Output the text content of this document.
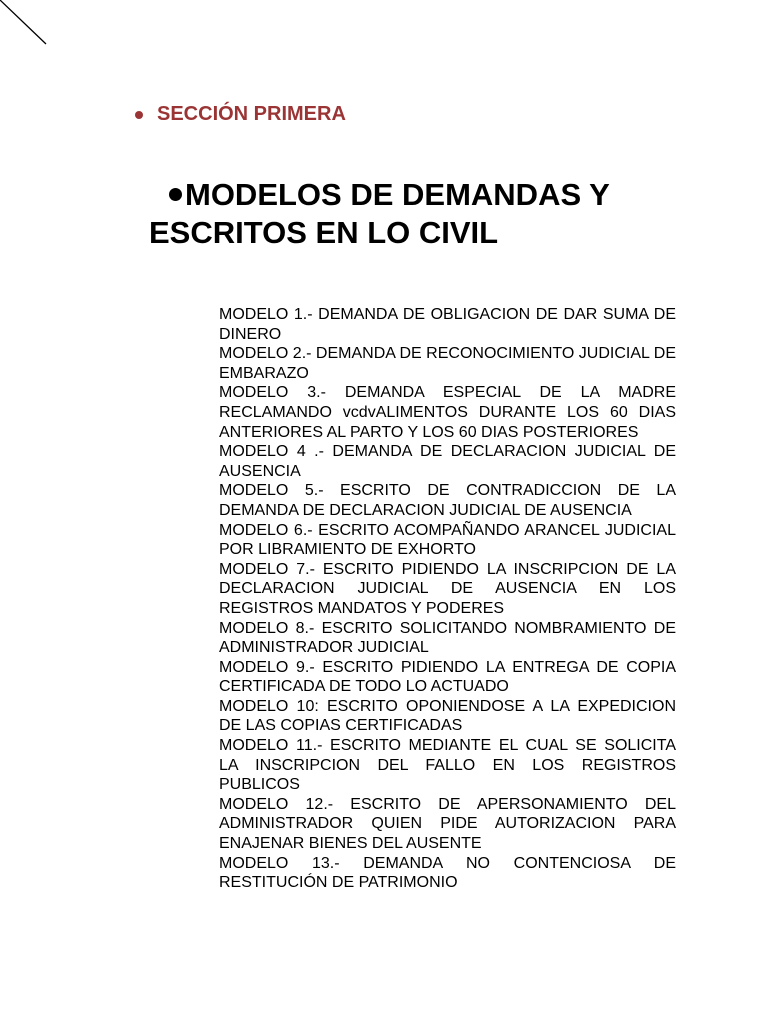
SECCIÓN PRIMERA
MODELOS DE DEMANDAS Y ESCRITOS EN LO CIVIL
MODELO 1.- DEMANDA DE OBLIGACION DE DAR SUMA DE DINERO
MODELO 2.- DEMANDA DE RECONOCIMIENTO JUDICIAL DE EMBARAZO
MODELO 3.- DEMANDA ESPECIAL DE LA MADRE RECLAMANDO vcdvALIMENTOS DURANTE LOS 60 DIAS ANTERIORES AL PARTO Y LOS 60 DIAS POSTERIORES
MODELO 4 .- DEMANDA DE DECLARACION JUDICIAL DE AUSENCIA
MODELO 5.- ESCRITO DE CONTRADICCION DE LA DEMANDA DE DECLARACION JUDICIAL DE AUSENCIA
MODELO 6.- ESCRITO ACOMPAÑANDO ARANCEL JUDICIAL POR LIBRAMIENTO DE EXHORTO
MODELO 7.- ESCRITO PIDIENDO LA INSCRIPCION DE LA DECLARACION JUDICIAL DE AUSENCIA EN LOS REGISTROS MANDATOS Y PODERES
MODELO 8.- ESCRITO SOLICITANDO NOMBRAMIENTO DE ADMINISTRADOR JUDICIAL
MODELO 9.- ESCRITO PIDIENDO LA ENTREGA DE COPIA CERTIFICADA DE TODO LO ACTUADO
MODELO 10: ESCRITO OPONIENDOSE A LA EXPEDICION DE LAS COPIAS CERTIFICADAS
MODELO 11.- ESCRITO MEDIANTE EL CUAL SE SOLICITA LA INSCRIPCION DEL FALLO EN LOS REGISTROS PUBLICOS
MODELO 12.- ESCRITO DE APERSONAMIENTO DEL ADMINISTRADOR QUIEN PIDE AUTORIZACION PARA ENAJENAR BIENES DEL AUSENTE
MODELO 13.- DEMANDA NO CONTENCIOSA DE RESTITUCIÓN DE PATRIMONIO
